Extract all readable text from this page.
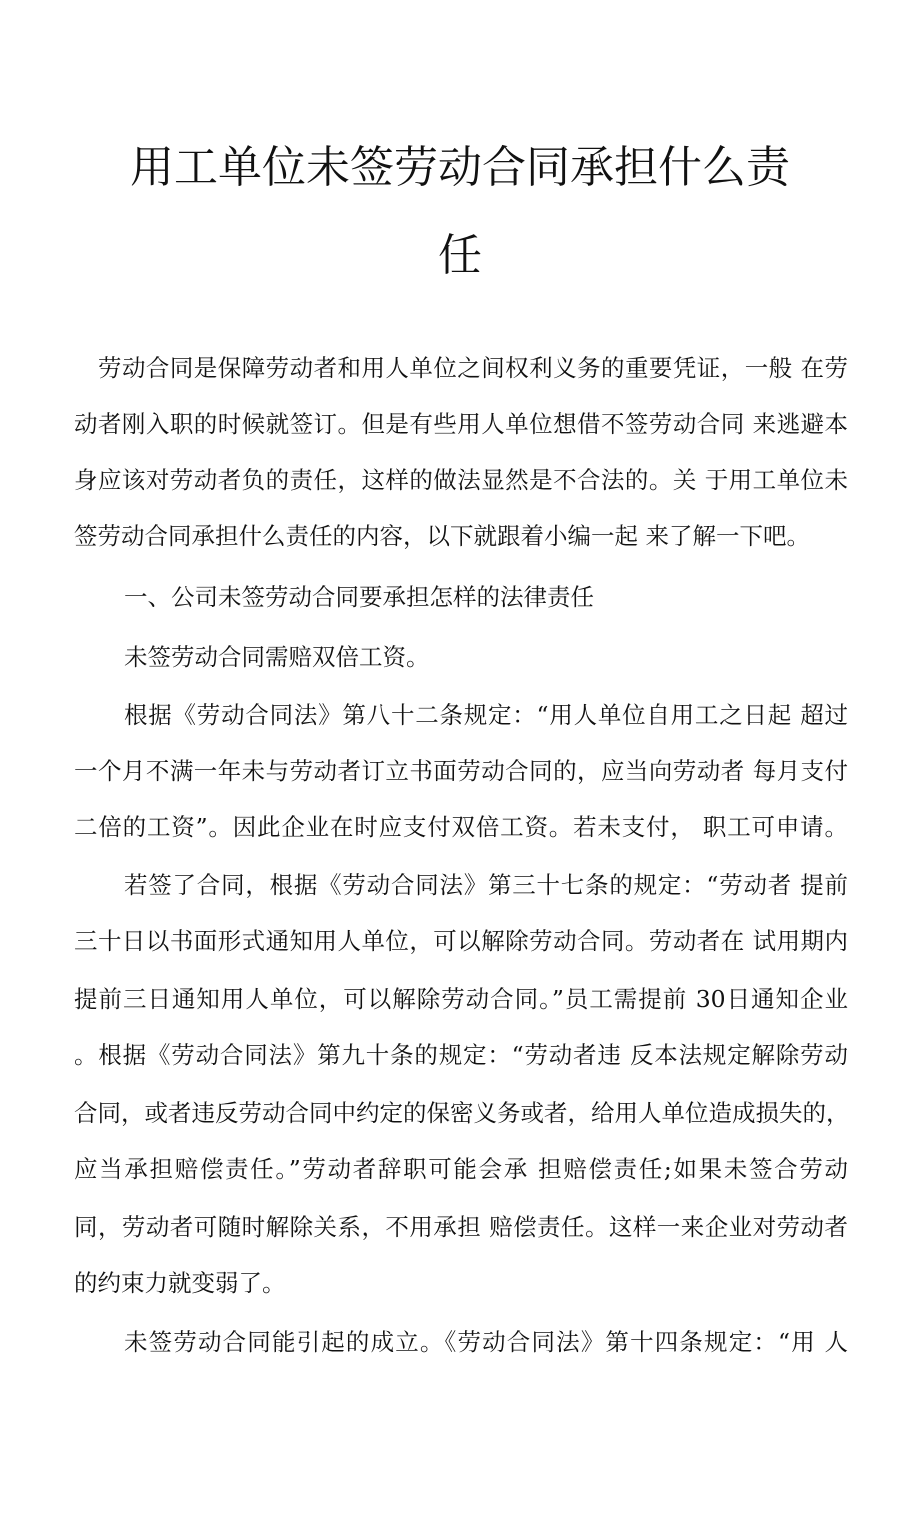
用工单位未签劳动合同承担什么责
任
劳动合同是保障劳动者和用人单位之间权利义务的重要凭证，一般 在劳
动者刚入职的时候就签订。但是有些用人单位想借不签劳动合同 来逃避本
身应该对劳动者负的责任，这样的做法显然是不合法的。关 于用工单位未
签劳动合同承担什么责任的内容，以下就跟着小编一起 来了解一下吧。
一、公司未签劳动合同要承担怎样的法律责任
未签劳动合同需赔双倍工资。
根据《劳动合同法》第八十二条规定：“用人单位自用工之日起 超过
一个月不满一年未与劳动者订立书面劳动合同的，应当向劳动者 每月支付
二倍的工资”。因此企业在时应支付双倍工资。若未支付， 职工可申请。
若签了合同，根据《劳动合同法》第三十七条的规定：“劳动者 提前
三十日以书面形式通知用人单位，可以解除劳动合同。劳动者在 试用期内
提前三日通知用人单位，可以解除劳动合同。”员工需提前 30日通知企业
。根据《劳动合同法》第九十条的规定：“劳动者违 反本法规定解除劳动
合同，或者违反劳动合同中约定的保密义务或者，给用人单位造成损失的，
应当承担赔偿责任。”劳动者辞职可能会承 担赔偿责任;如果未签合劳动
同，劳动者可随时解除关系，不用承担 赔偿责任。这样一来企业对劳动者
的约束力就变弱了。
未签劳动合同能引起的成立。《劳动合同法》第十四条规定：“用 人
